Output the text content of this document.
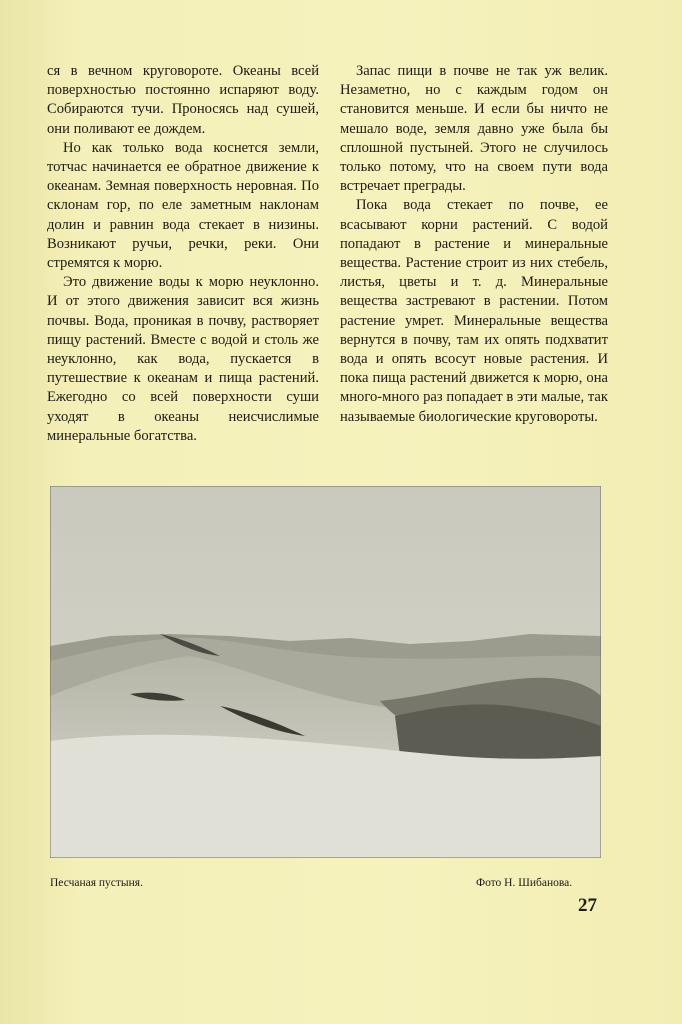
ся в вечном круговороте. Океаны всей поверхностью постоянно испаряют воду. Собираются тучи. Проносясь над сушей, они поливают ее дождем.

Но как только вода коснется земли, тотчас начинается ее обратное движение к океанам. Земная поверхность неровная. По склонам гор, по еле заметным наклонам долин и равнин вода стекает в низины. Возникают ручьи, речки, реки. Они стремятся к морю.

Это движение воды к морю неуклонно. И от этого движения зависит вся жизнь почвы. Вода, проникая в почву, растворяет пищу растений. Вместе с водой и столь же неуклонно, как вода, пускается в путешествие к океанам и пища растений. Ежегодно со всей поверхности суши уходят в океаны неисчислимые минеральные богатства.

Запас пищи в почве не так уж велик. Незаметно, но с каждым годом он становится меньше. И если бы ничто не мешало воде, земля давно уже была бы сплошной пустыней. Этого не случилось только потому, что на своем пути вода встречает преграды.

Пока вода стекает по почве, ее всасывают корни растений. С водой попадают в растение и минеральные вещества. Растение строит из них стебель, листья, цветы и т. д. Минеральные вещества застревают в растении. Потом растение умрет. Минеральные вещества вернутся в почву, там их опять подхватит вода и опять всосут новые растения. И пока пища растений движется к морю, она много-много раз попадает в эти малые, так называемые биологические круговороты.

Песчаная пустыня.	Фото Н. Шибанова.
27
